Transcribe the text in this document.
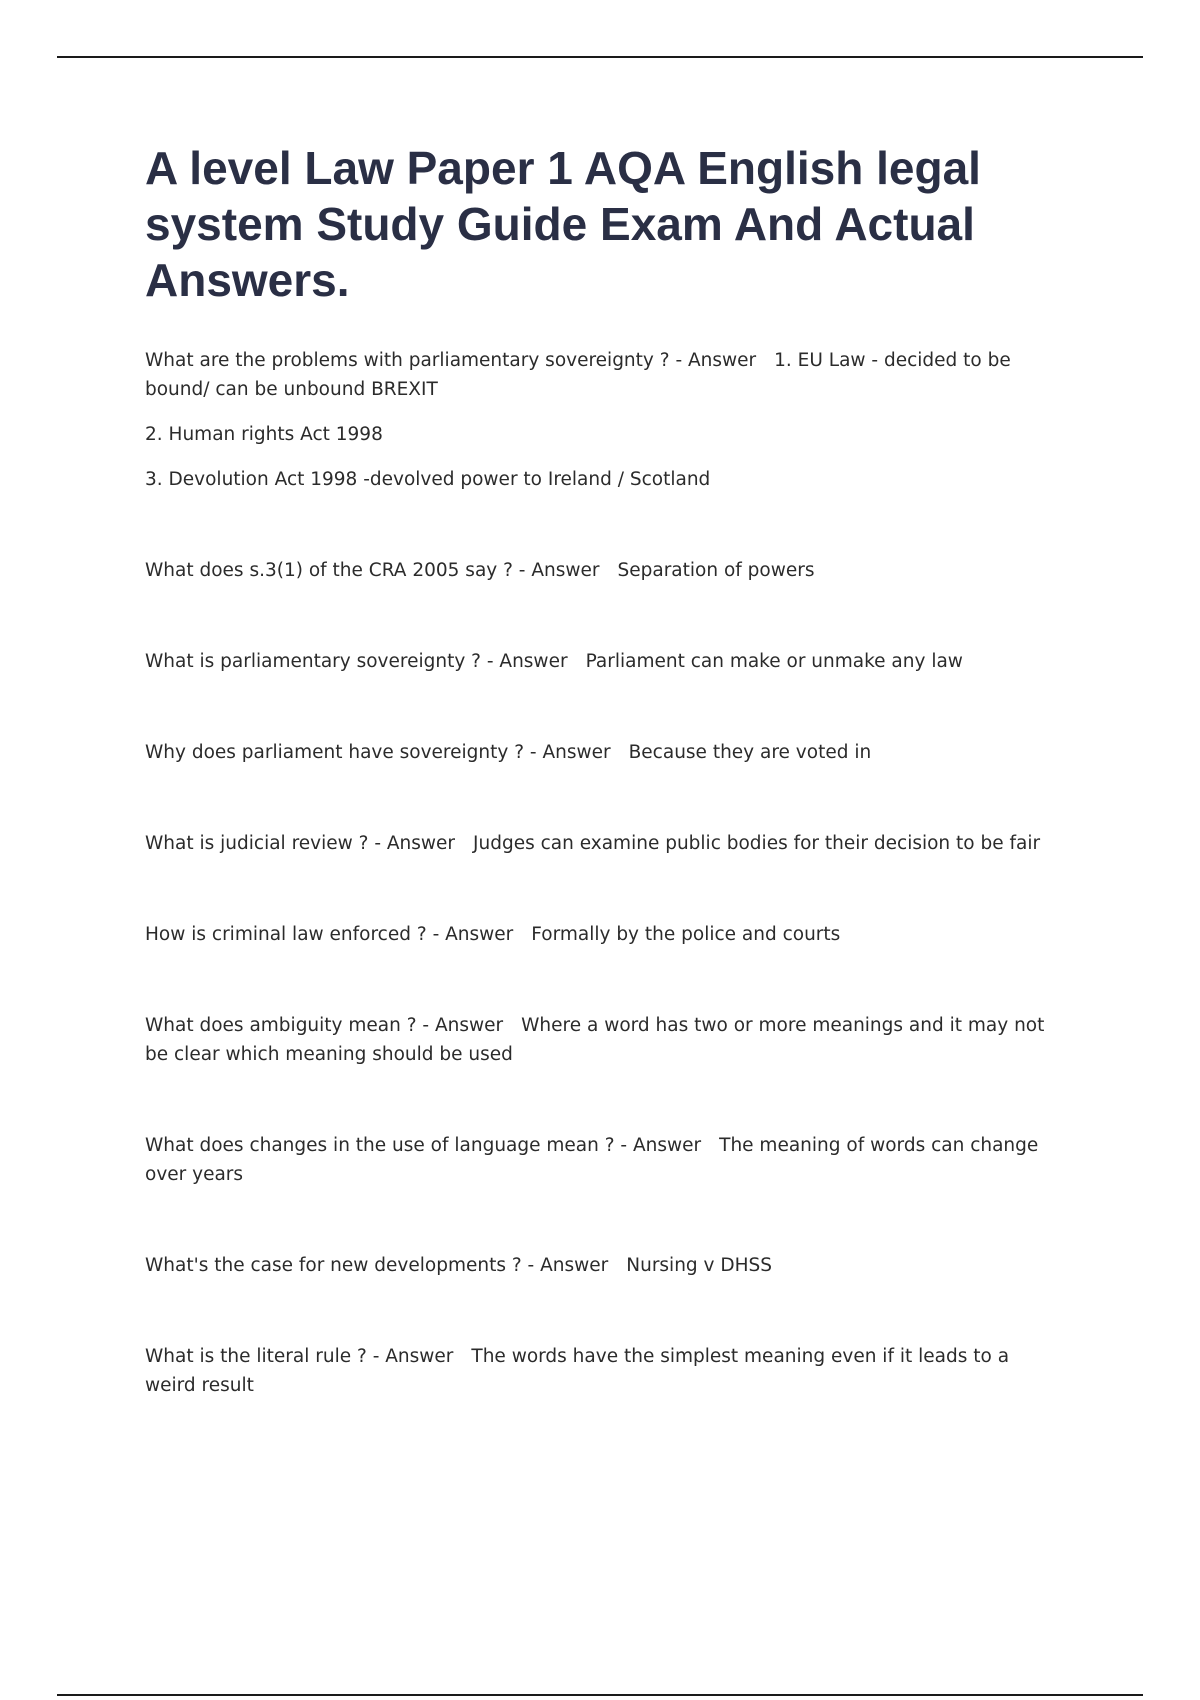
A level Law Paper 1 AQA English legal system Study Guide Exam And Actual Answers.

What are the problems with parliamentary sovereignty ? - Answer 1. EU Law - decided to be bound/ can be unbound BREXIT

2. Human rights Act 1998

3. Devolution Act 1998 -devolved power to Ireland / Scotland

What does s.3(1) of the CRA 2005 say ? - Answer Separation of powers

What is parliamentary sovereignty ? - Answer Parliament can make or unmake any law

Why does parliament have sovereignty ? - Answer Because they are voted in

What is judicial review ? - Answer Judges can examine public bodies for their decision to be fair

How is criminal law enforced ? - Answer Formally by the police and courts

What does ambiguity mean ? - Answer Where a word has two or more meanings and it may not be clear which meaning should be used

What does changes in the use of language mean ? - Answer The meaning of words can change over years

What's the case for new developments ? - Answer Nursing v DHSS

What is the literal rule ? - Answer The words have the simplest meaning even if it leads to a weird result
